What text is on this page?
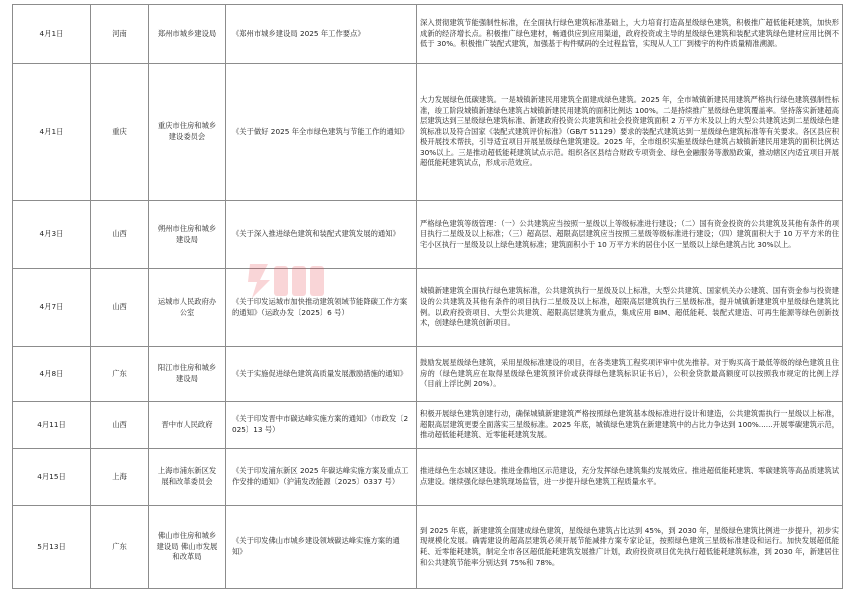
4月1日	河南	郑州市城乡建设局	《郑州市城乡建设局 2025 年工作要点》	深入贯彻建筑节能强制性标准，在全面执行绿色建筑标准基础上，大力培育打造高星级绿色建筑，积极推广超低能耗建筑，加快形成新的经济增长点。积极推广绿色建材，畅通供应到应用渠道，政府投资或主导的星级绿色建筑和装配式建筑绿色建材应用比例不低于 30%。积极推广装配式建筑，加强基于构件赋码的全过程监管，实现从人工厂到楼宇的构件质量精准溯源。
4月1日	重庆	重庆市住房和城乡建设委员会	《关于做好 2025 年全市绿色建筑与节能工作的通知》	大力发展绿色低碳建筑。一是城镇新建民用建筑全面建成绿色建筑。2025 年，全市城镇新建民用建筑严格执行绿色建筑强制性标准，竣工阶段城镇新建绿色建筑占城镇新建民用建筑的面积比例达 100%。二是持续推广星级绿色建筑覆盖率。坚持落实新建超高层建筑达到三星级绿色建筑标准、新建政府投资公共建筑和社会投资建筑面积 2 万平方米及以上的大型公共建筑达到二星级绿色建筑标准以及符合国家《装配式建筑评价标准》（GB/T 51129）要求的装配式建筑达到一星级绿色建筑标准等有关要求。各区县应积极开展技术帮扶，引导适宜项目开展星级绿色建筑建设。2025 年，全市组织实施星级绿色建筑占城镇新建民用建筑的面积比例达 30%以上。三是推动超低能耗建筑试点示范。组织各区县结合财政专项资金、绿色金融服务等激励政策，推动辖区内适宜项目开展超低能耗建筑试点，形成示范效应。
4月3日	山西	朔州市住房和城乡建设局	《关于深入推进绿色建筑和装配式建筑发展的通知》	严格绿色建筑等级管理：（一）公共建筑应当按照一星级以上等级标准进行建设；（二）国有资金投资的公共建筑及其他有条件的项目执行二星级及以上标准；（三）超高层、超限高层建筑应当按照三星级等级标准进行建设；（四）建筑面积大于 10 万平方米的住宅小区执行一星级及以上绿色建筑标准；建筑面积小于 10 万平方米的居住小区一星级以上绿色建筑占比 30%以上。
4月7日	山西	运城市人民政府办公室	《关于印发运城市加快推动建筑领域节能降碳工作方案的通知》（运政办发〔2025〕6 号）	城镇新建建筑全面执行绿色建筑标准，公共建筑执行一星级及以上标准，大型公共建筑、国家机关办公建筑、国有资金参与投资建设的公共建筑及其他有条件的项目执行二星级及以上标准，超限高层建筑执行三星级标准，提升城镇新建建筑中星级绿色建筑比例。以政府投资项目、大型公共建筑、超限高层建筑为重点，集成应用 BIM、超低能耗、装配式建造、可再生能源等绿色创新技术，创建绿色建筑创新项目。
4月8日	广东	阳江市住房和城乡建设局	《关于实施促进绿色建筑高质量发展激励措施的通知》	鼓励发展星级绿色建筑，采用星级标准建设的项目，在各类建筑工程奖项评审中优先推荐。对于购买高于最低等级的绿色建筑且住房的（绿色建筑应在取得星级绿色建筑预评价或获得绿色建筑标识证书后），公积金贷款最高额度可以按照我市规定的比例上浮（目前上浮比例 20%）。
4月11日	山西	晋中市人民政府	《关于印发晋中市碳达峰实施方案的通知》（市政发〔2025〕13 号）	积极开展绿色建筑创建行动，确保城镇新建建筑严格按照绿色建筑基本级标准进行设计和建造，公共建筑需执行一星级以上标准，超限高层建筑更要全面落实三星级标准。2025 年底，城镇绿色建筑在新建建筑中的占比力争达到 100%......开展零碳建筑示范，推动超低能耗建筑、近零能耗建筑发展。
4月15日	上海	上海市浦东新区发展和改革委员会	《关于印发浦东新区 2025 年碳达峰实施方案及重点工作安排的通知》（沪浦发改能源〔2025〕0337 号）	推进绿色生态城区建设。推进金鼎地区示范建设，充分发挥绿色建筑集约发展效应。推进超低能耗建筑、零碳建筑等高品质建筑试点建设。继续强化绿色建筑现场监管，进一步提升绿色建筑工程质量水平。
5月13日	广东	佛山市住房和城乡建设局 佛山市发展和改革局	《关于印发佛山市城乡建设领域碳达峰实施方案的通知》	到 2025 年底，新建建筑全面建成绿色建筑，星级绿色建筑占比达到 45%，到 2030 年，星级绿色建筑比例进一步提升，初步实现规模化发展。确需建设的超高层建筑必须开展节能减排方案专家论证，按照绿色建筑三星级标准建设和运行。加快发展超低能耗、近零能耗建筑，制定全市各区超低能耗建筑发展推广计划，政府投资项目优先执行超低能耗建筑标准，到 2030 年，新建居住和公共建筑节能率分别达到 75%和 78%。
